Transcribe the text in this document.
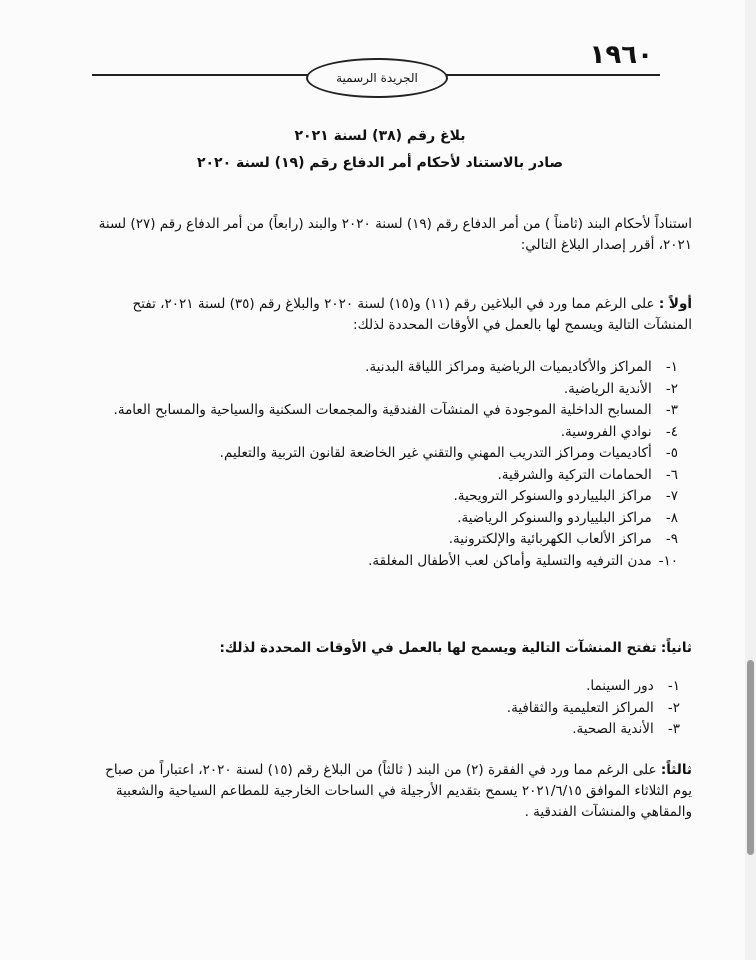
١٩٦٠
الجريدة الرسمية
بلاغ رقم (٣٨) لسنة ٢٠٢١
صادر بالاستناد لأحكام أمر الدفاع رقم (١٩) لسنة ٢٠٢٠
استناداً لأحكام البند (ثامناً ) من أمر الدفاع رقم (١٩) لسنة ٢٠٢٠ والبند (رابعاً) من أمر الدفاع رقم (٢٧) لسنة ٢٠٢١، أقرر إصدار البلاغ التالي:
أولاً : على الرغم مما ورد في البلاغين رقم (١١) و(١٥) لسنة ٢٠٢٠ والبلاغ رقم (٣٥) لسنة ٢٠٢١، تفتح المنشآت التالية ويسمح لها بالعمل في الأوقات المحددة لذلك:
١- المراكز والأكاديميات الرياضية ومراكز اللياقة البدنية.
٢- الأندية الرياضية.
٣- المسابح الداخلية الموجودة في المنشآت الفندقية والمجمعات السكنية والسياحية والمسابح العامة.
٤- نوادي الفروسية.
٥- أكاديميات ومراكز التدريب المهني والتقني غير الخاضعة لقانون التربية والتعليم.
٦- الحمامات التركية والشرقية.
٧- مراكز البليياردو والسنوكر الترويحية.
٨- مراكز البليياردو والسنوكر الرياضية.
٩- مراكز الألعاب الكهربائية والإلكترونية.
١٠- مدن الترفيه والتسلية وأماكن لعب الأطفال المغلقة.
ثانياً: تفتح المنشآت التالية ويسمح لها بالعمل في الأوقات المحددة لذلك:
١- دور السينما.
٢- المراكز التعليمية والثقافية.
٣- الأندية الصحية.
ثالثاً: على الرغم مما ورد في الفقرة (٢) من البند ( ثالثاً) من البلاغ رقم (١٥) لسنة ٢٠٢٠، اعتباراً من صباح يوم الثلاثاء الموافق ٢٠٢١/٦/١٥ يسمح بتقديم الأرجيلة في الساحات الخارجية للمطاعم السياحية والشعبية والمقاهي والمنشآت الفندقية .
